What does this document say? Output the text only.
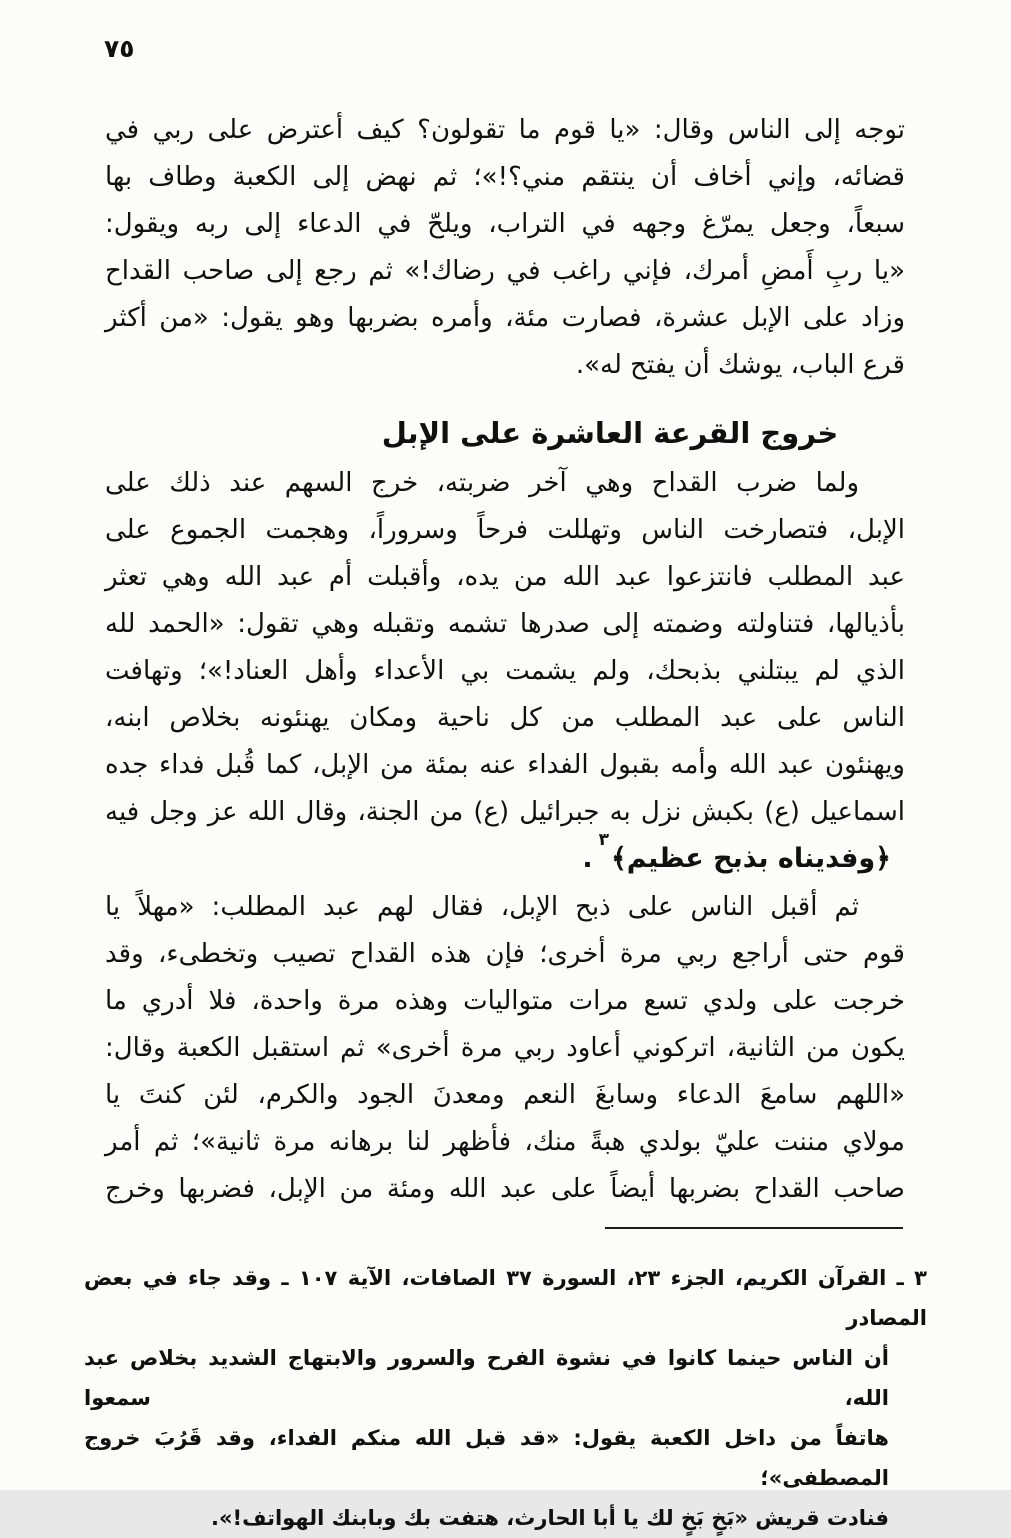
٧٥
توجه إلى الناس وقال: «يا قوم ما تقولون؟ كيف أعترض على ربي في
قضائه، وإني أخاف أن ينتقم مني؟!»؛ ثم نهض إلى الكعبة وطاف بها
سبعاً، وجعل يمرّغ وجهه في التراب، ويلحّ في الدعاء إلى ربه ويقول:
«يا ربِ أَمضِ أمرك، فإني راغب في رضاك!» ثم رجع إلى صاحب القداح
وزاد على الإبل عشرة، فصارت مئة، وأمره بضربها وهو يقول: «من أكثر
قرع الباب، يوشك أن يفتح له».
خروج القرعة العاشرة على الإبل
ولما ضرب القداح وهي آخر ضربته، خرج السهم عند ذلك على
الإبل، فتصارخت الناس وتهللت فرحاً وسروراً، وهجمت الجموع على
عبد المطلب فانتزعوا عبد الله من يده، وأقبلت أم عبد الله وهي تعثر
بأذيالها، فتناولته وضمته إلى صدرها تشمه وتقبله وهي تقول: «الحمد لله
الذي لم يبتلني بذبحك، ولم يشمت بي الأعداء وأهل العناد!»؛ وتهافت
الناس على عبد المطلب من كل ناحية ومكان يهنئونه بخلاص ابنه،
ويهنئون عبد الله وأمه بقبول الفداء عنه بمئة من الإبل، كما قُبل فداء جده
اسماعيل (ع) بكبش نزل به جبرائيل (ع) من الجنة، وقال الله عز وجل فيه
﴿وفديناه بذبح عظيم﴾$^٣$.
ثم أقبل الناس على ذبح الإبل، فقال لهم عبد المطلب: «مهلاً يا
قوم حتى أراجع ربي مرة أخرى؛ فإن هذه القداح تصيب وتخطىء، وقد
خرجت على ولدي تسع مرات متواليات وهذه مرة واحدة، فلا أدري ما
يكون من الثانية، اتركوني أعاود ربي مرة أخرى» ثم استقبل الكعبة وقال:
«اللهم سامعَ الدعاء وسابغَ النعم ومعدنَ الجود والكرم، لئن كنتَ يا
مولاي مننت عليّ بولدي هبةً منك، فأظهر لنا برهانه مرة ثانية»؛ ثم أمر
صاحب القداح بضربها أيضاً على عبد الله ومئة من الإبل، فضربها وخرج
٣ ـ القرآن الكريم، الجزء ٢٣، السورة ٣٧ الصافات، الآية ١٠٧ ـ وقد جاء في بعض المصادر
أن الناس حينما كانوا في نشوة الفرح والسرور والابتهاج الشديد بخلاص عبد الله، سمعوا
هاتفاً من داخل الكعبة يقول: «قد قبل الله منكم الفداء، وقد قَرُبَ خروج المصطفى»؛
فنادت قريش «بَخٍ بَخٍ لك يا أبا الحارث، هتفت بك وبابنك الهواتف!».
